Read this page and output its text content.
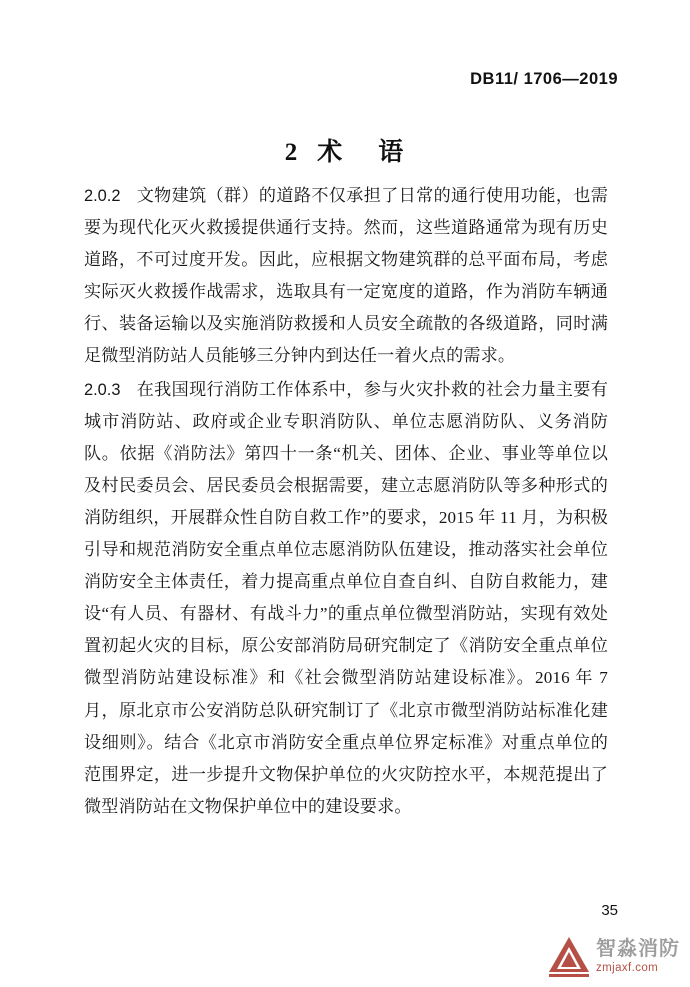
DB11/ 1706—2019
2 术 语

2.0.2 文物建筑（群）的道路不仅承担了日常的通行使用功能，也需要为现代化灭火救援提供通行支持。然而，这些道路通常为现有历史道路，不可过度开发。因此，应根据文物建筑群的总平面布局，考虑实际灭火救援作战需求，选取具有一定宽度的道路，作为消防车辆通行、装备运输以及实施消防救援和人员安全疏散的各级道路，同时满足微型消防站人员能够三分钟内到达任一着火点的需求。

2.0.3 在我国现行消防工作体系中，参与火灾扑救的社会力量主要有城市消防站、政府或企业专职消防队、单位志愿消防队、义务消防队。依据《消防法》第四十一条“机关、团体、企业、事业等单位以及村民委员会、居民委员会根据需要，建立志愿消防队等多种形式的消防组织，开展群众性自防自救工作”的要求，2015 年 11 月，为积极引导和规范消防安全重点单位志愿消防队伍建设，推动落实社会单位消防安全主体责任，着力提高重点单位自查自纠、自防自救能力，建设“有人员、有器材、有战斗力”的重点单位微型消防站，实现有效处置初起火灾的目标，原公安部消防局研究制定了《消防安全重点单位微型消防站建设标准》和《社会微型消防站建设标准》。2016 年 7 月，原北京市公安消防总队研究制订了《北京市微型消防站标准化建设细则》。结合《北京市消防安全重点单位界定标准》对重点单位的范围界定，进一步提升文物保护单位的火灾防控水平，本规范提出了微型消防站在文物保护单位中的建设要求。

35
智淼消防
zmjaxf.com
